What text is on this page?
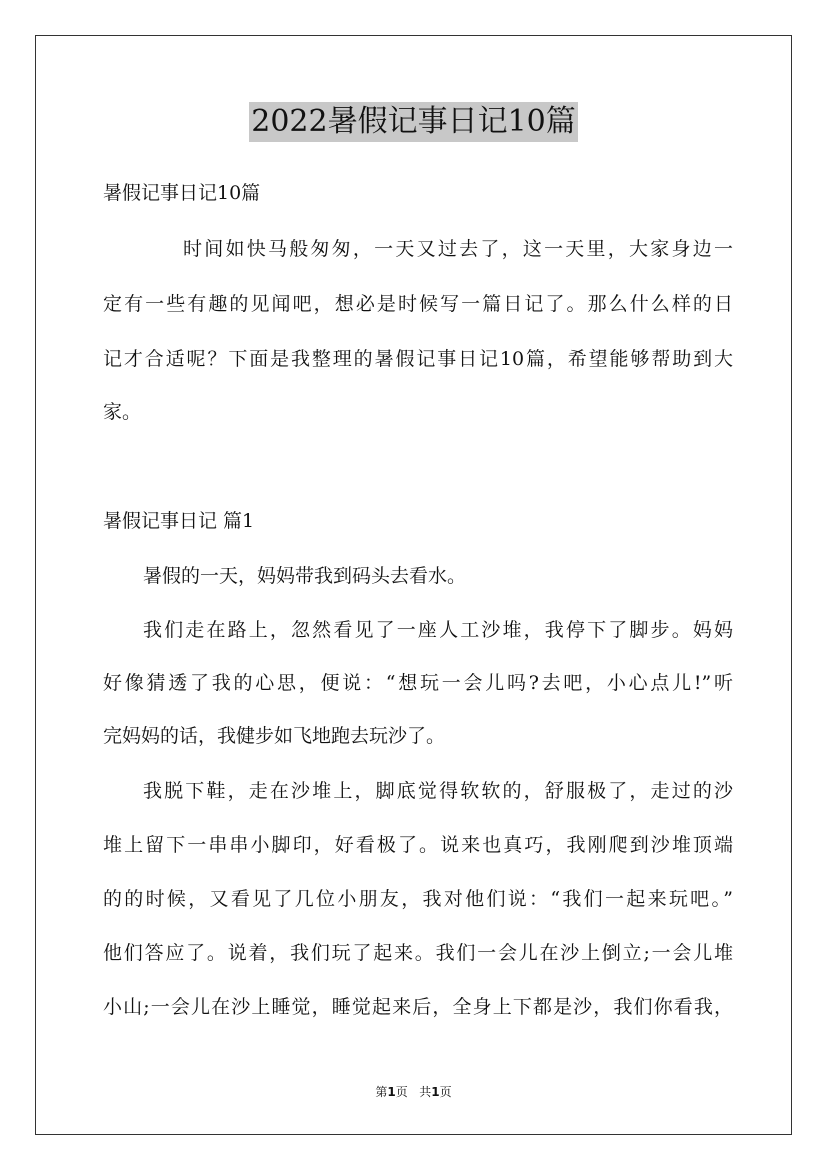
2022暑假记事日记10篇
暑假记事日记10篇
时间如快马般匆匆，一天又过去了，这一天里，大家身边一
定有一些有趣的见闻吧，想必是时候写一篇日记了。那么什么样的日
记才合适呢？下面是我整理的暑假记事日记10篇，希望能够帮助到大
家。
暑假记事日记 篇1
暑假的一天，妈妈带我到码头去看水。
我们走在路上，忽然看见了一座人工沙堆，我停下了脚步。妈妈
好像猜透了我的心思，便说：“想玩一会儿吗?去吧，小心点儿!”听
完妈妈的话，我健步如飞地跑去玩沙了。
我脱下鞋，走在沙堆上，脚底觉得软软的，舒服极了，走过的沙
堆上留下一串串小脚印，好看极了。说来也真巧，我刚爬到沙堆顶端
的的时候，又看见了几位小朋友，我对他们说：“我们一起来玩吧。”
他们答应了。说着，我们玩了起来。我们一会儿在沙上倒立;一会儿堆
小山;一会儿在沙上睡觉，睡觉起来后，全身上下都是沙，我们你看我，
第1页 共1页
